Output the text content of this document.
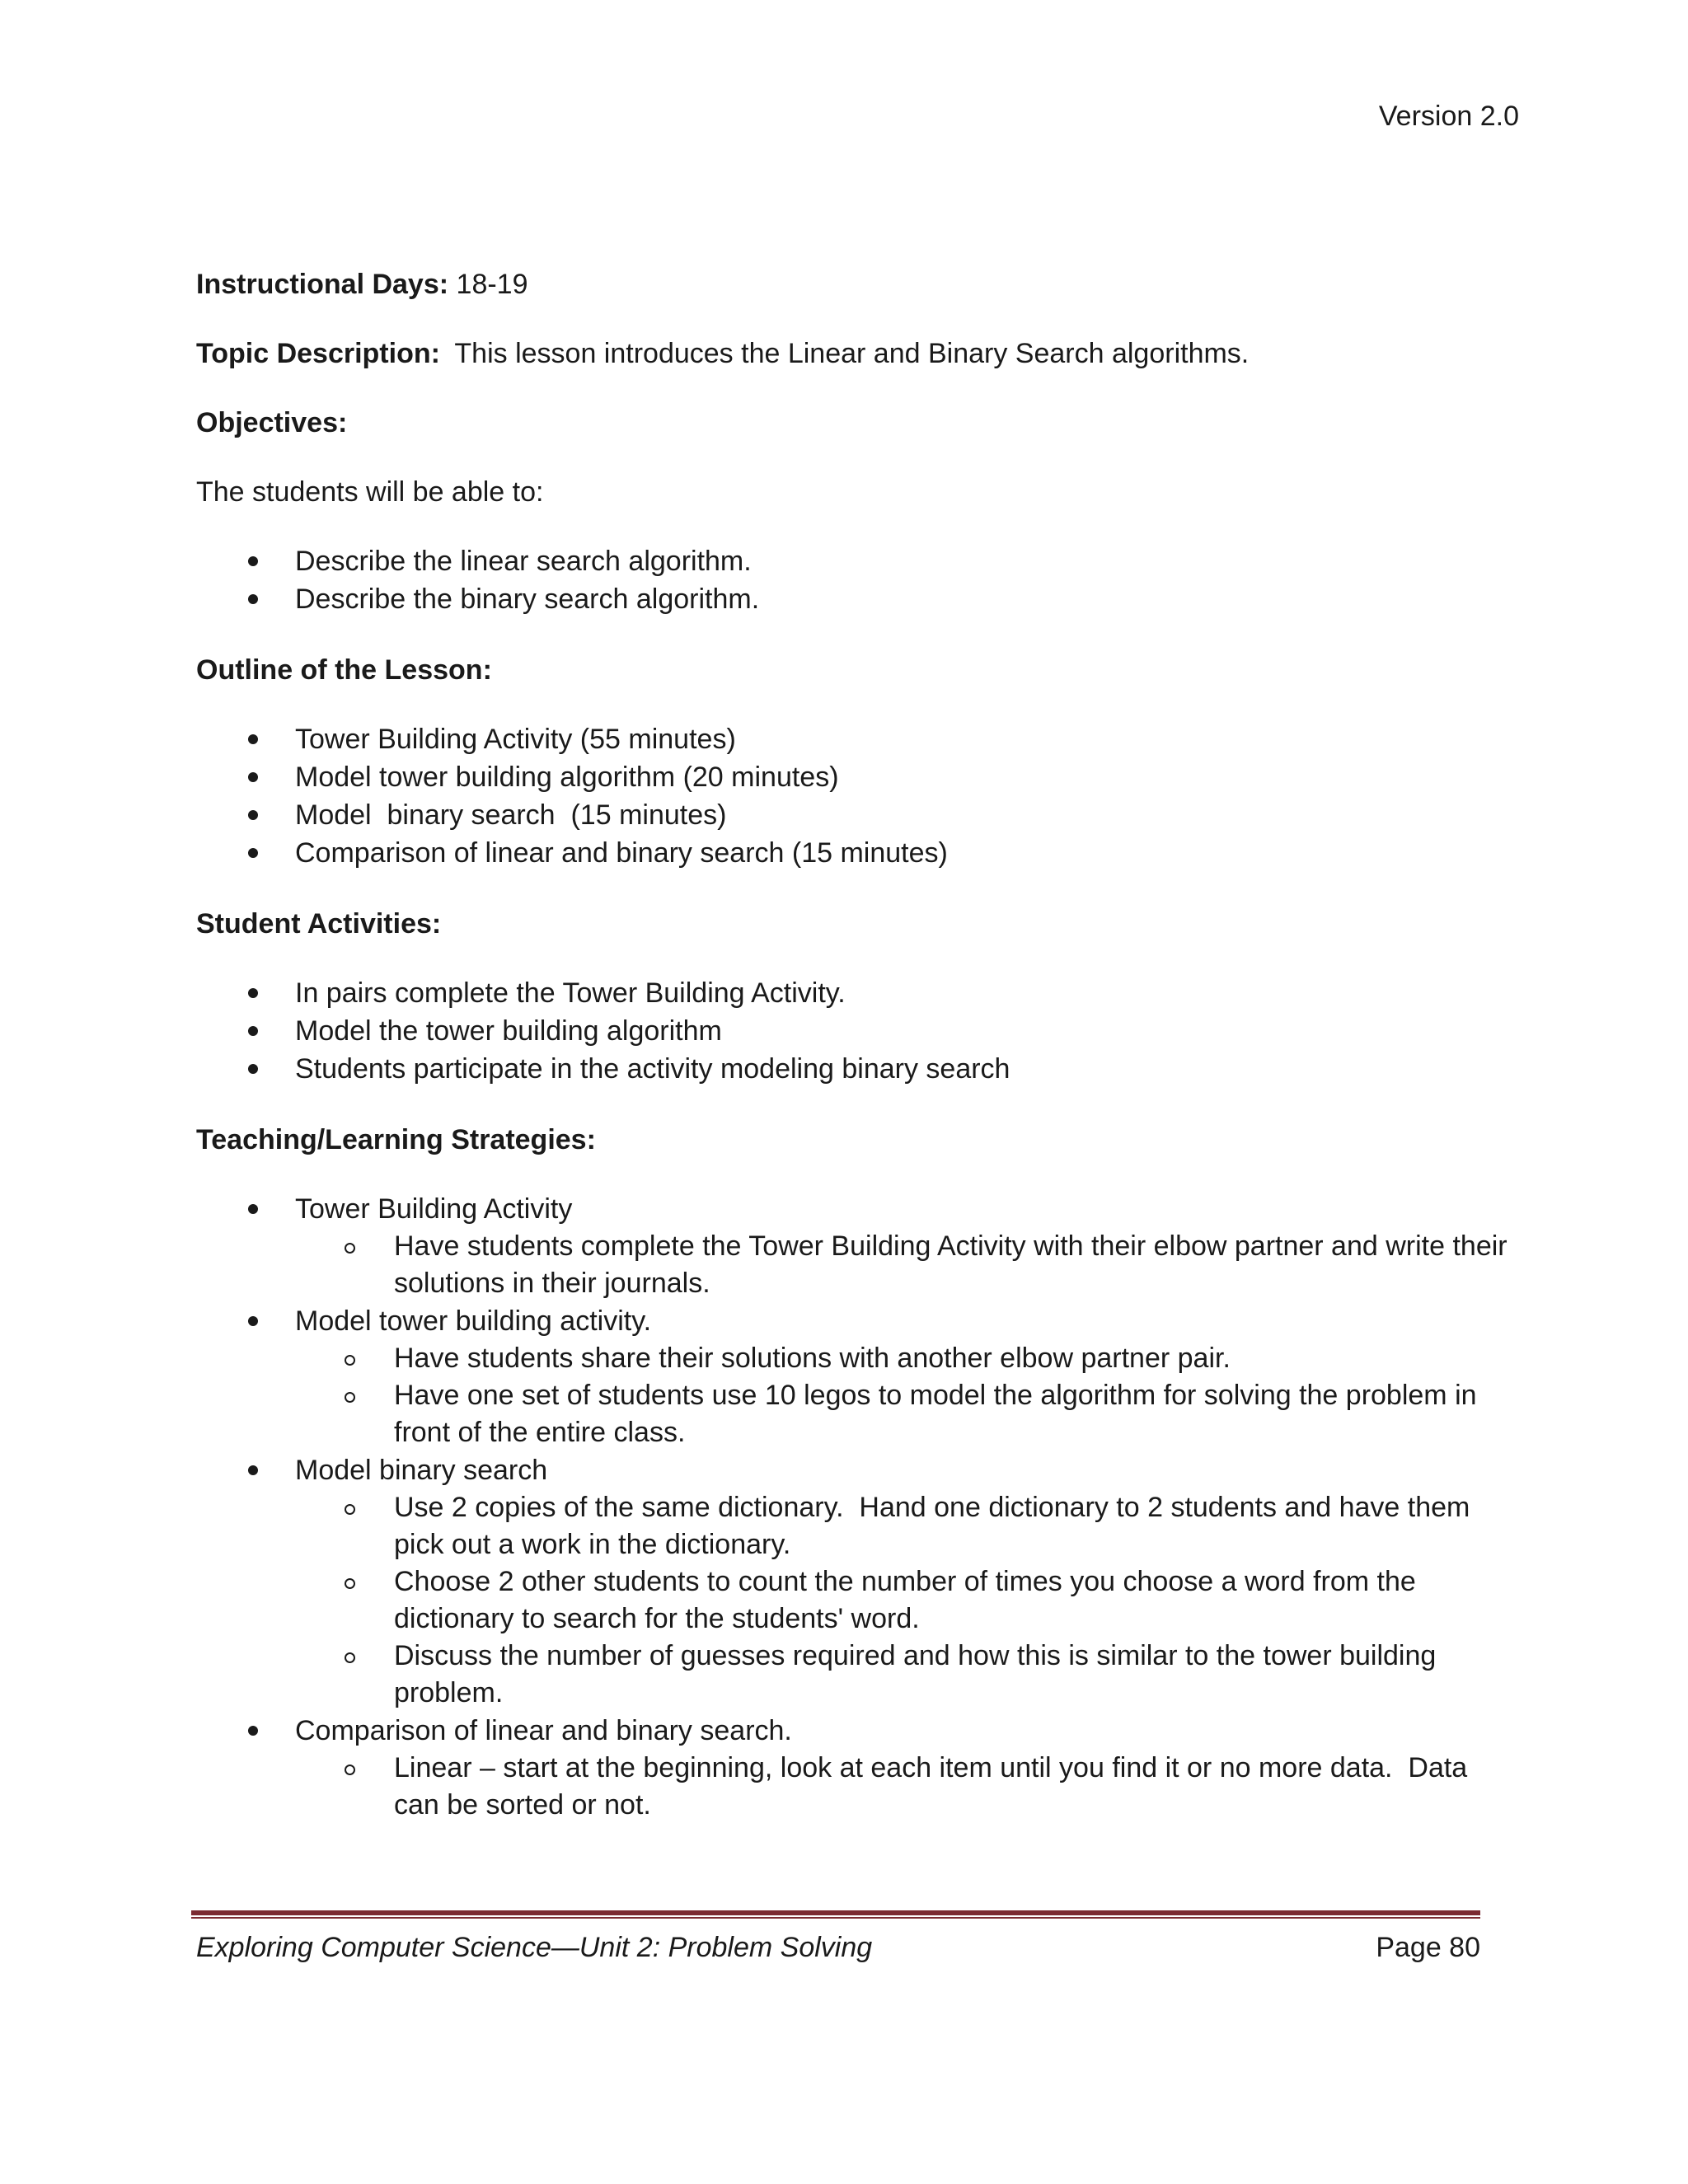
Version 2.0

Instructional Days: 18-19

Topic Description: This lesson introduces the Linear and Binary Search algorithms.

Objectives:

The students will be able to:

Describe the linear search algorithm.
Describe the binary search algorithm.

Outline of the Lesson:

Tower Building Activity (55 minutes)
Model tower building algorithm (20 minutes)
Model  binary search  (15 minutes)
Comparison of linear and binary search (15 minutes)

Student Activities:

In pairs complete the Tower Building Activity.
Model the tower building algorithm
Students participate in the activity modeling binary search

Teaching/Learning Strategies:

Tower Building Activity
Have students complete the Tower Building Activity with their elbow partner and write their solutions in their journals.
Model tower building activity.
Have students share their solutions with another elbow partner pair.
Have one set of students use 10 legos to model the algorithm for solving the problem in front of the entire class.
Model binary search
Use 2 copies of the same dictionary.  Hand one dictionary to 2 students and have them pick out a work in the dictionary.
Choose 2 other students to count the number of times you choose a word from the dictionary to search for the students' word.
Discuss the number of guesses required and how this is similar to the tower building problem.
Comparison of linear and binary search.
Linear – start at the beginning, look at each item until you find it or no more data.  Data can be sorted or not.
Exploring Computer Science—Unit 2: Problem Solving	Page 80
